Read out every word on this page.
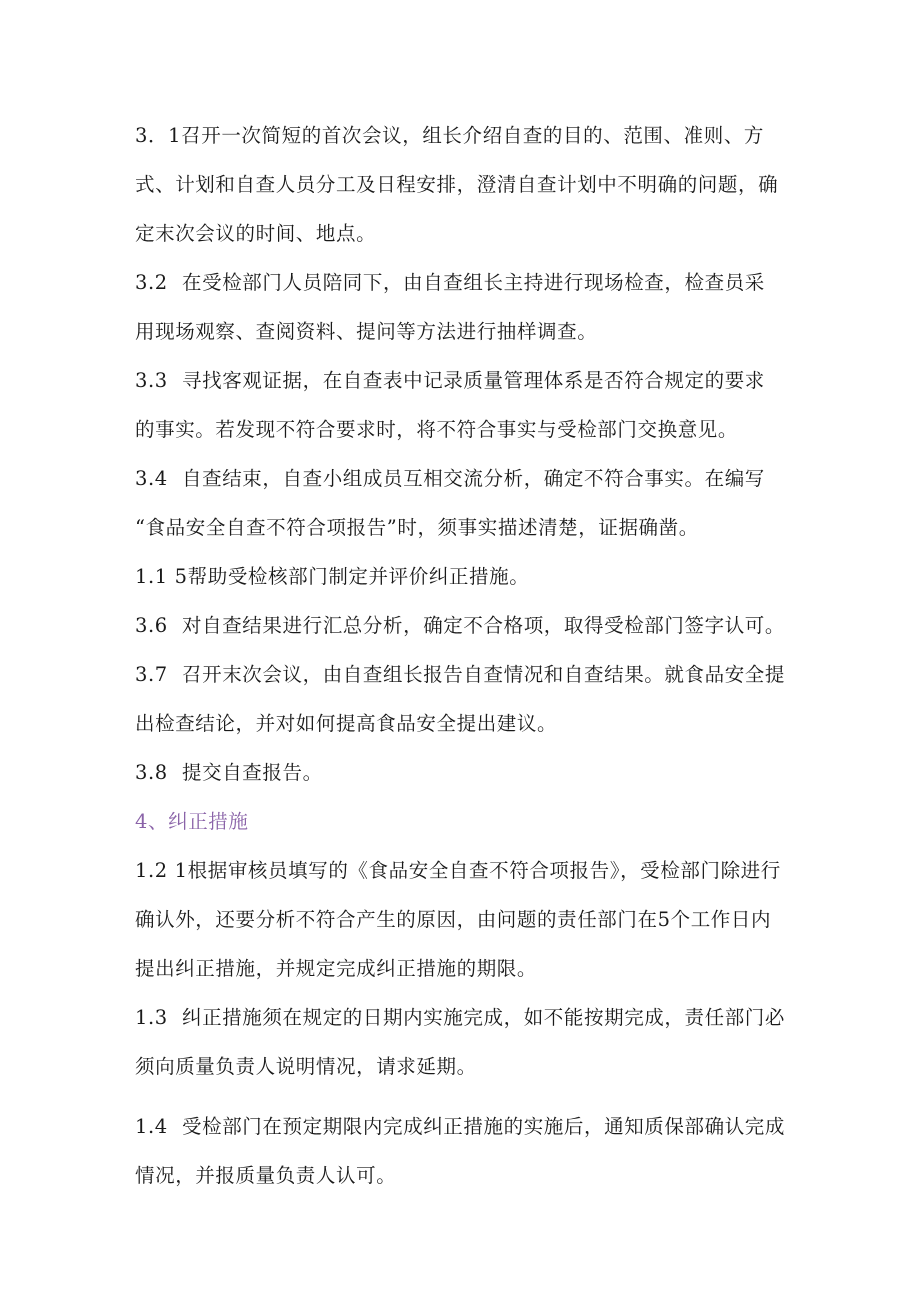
3．1召开一次简短的首次会议，组长介绍自查的目的、范围、准则、方
式、计划和自查人员分工及日程安排，澄清自查计划中不明确的问题，确
定末次会议的时间、地点。
3.2 在受检部门人员陪同下，由自查组长主持进行现场检查，检查员采
用现场观察、查阅资料、提问等方法进行抽样调查。
3.3 寻找客观证据，在自查表中记录质量管理体系是否符合规定的要求
的事实。若发现不符合要求时，将不符合事实与受检部门交换意见。
3.4 自查结束，自查小组成员互相交流分析，确定不符合事实。在编写
“食品安全自查不符合项报告”时，须事实描述清楚，证据确凿。
1.1 5帮助受检核部门制定并评价纠正措施。
3.6 对自查结果进行汇总分析，确定不合格项，取得受检部门签字认可。
3.7 召开末次会议，由自查组长报告自查情况和自查结果。就食品安全提
出检查结论，并对如何提高食品安全提出建议。
3.8 提交自查报告。
4、纠正措施
1.2 1根据审核员填写的《食品安全自查不符合项报告》，受检部门除进行
确认外，还要分析不符合产生的原因，由问题的责任部门在5个工作日内
提出纠正措施，并规定完成纠正措施的期限。
1.3 纠正措施须在规定的日期内实施完成，如不能按期完成，责任部门必
须向质量负责人说明情况，请求延期。
1.4 受检部门在预定期限内完成纠正措施的实施后，通知质保部确认完成
情况，并报质量负责人认可。
